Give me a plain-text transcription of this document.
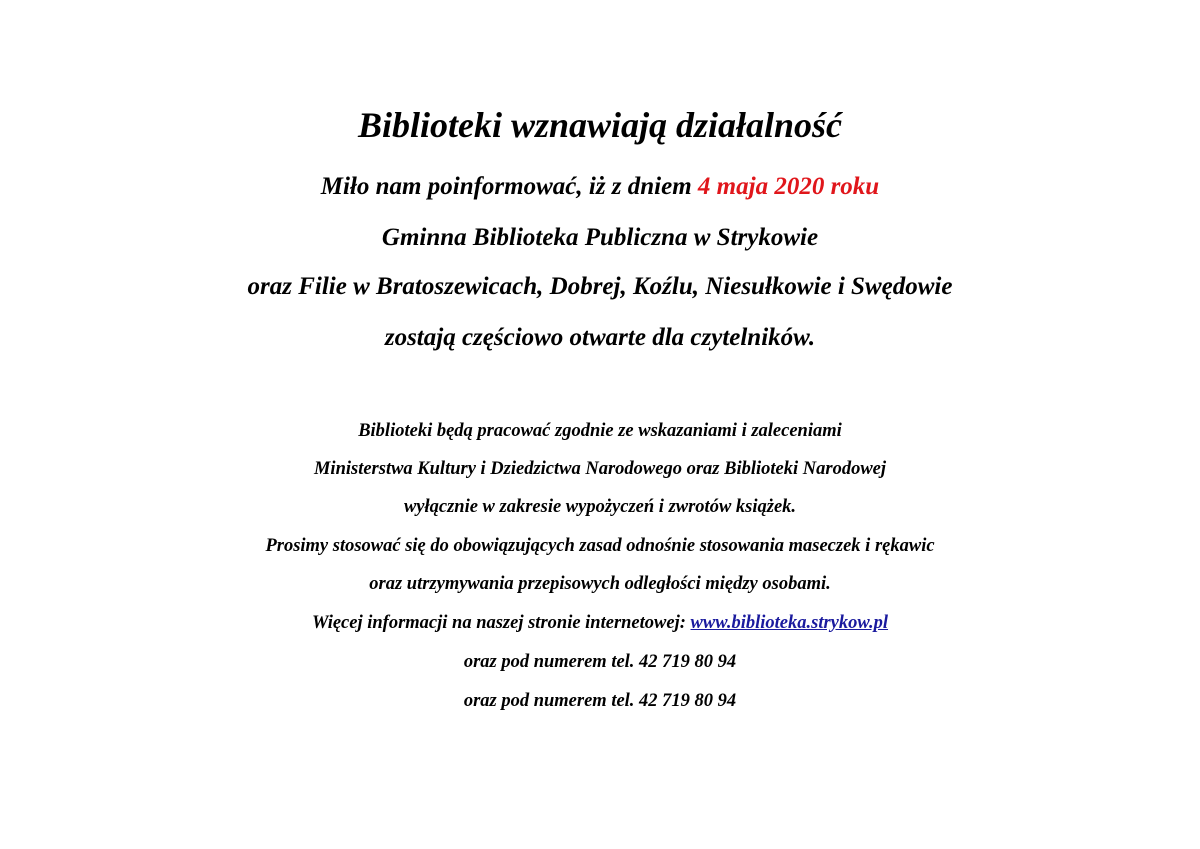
Biblioteki wznawiają działalność
Miło nam poinformować, iż z dniem 4 maja 2020 roku
Gminna Biblioteka Publiczna w Strykowie
oraz Filie w Bratoszewicach, Dobrej, Koźlu, Niesułkowie i Swędowie
zostają częściowo otwarte dla czytelników.
Biblioteki będą pracować zgodnie ze wskazaniami i zaleceniami
Ministerstwa Kultury i Dziedzictwa Narodowego oraz Biblioteki Narodowej
wyłącznie w zakresie wypożyczeń i zwrotów książek.
Prosimy stosować się do obowiązujących zasad odnośnie stosowania maseczek i rękawic
oraz utrzymywania przepisowych odległości między osobami.
Więcej informacji na naszej stronie internetowej: www.biblioteka.strykow.pl
oraz pod numerem tel. 42 719 80 94
oraz pod numerem tel. 42 719 80 94
